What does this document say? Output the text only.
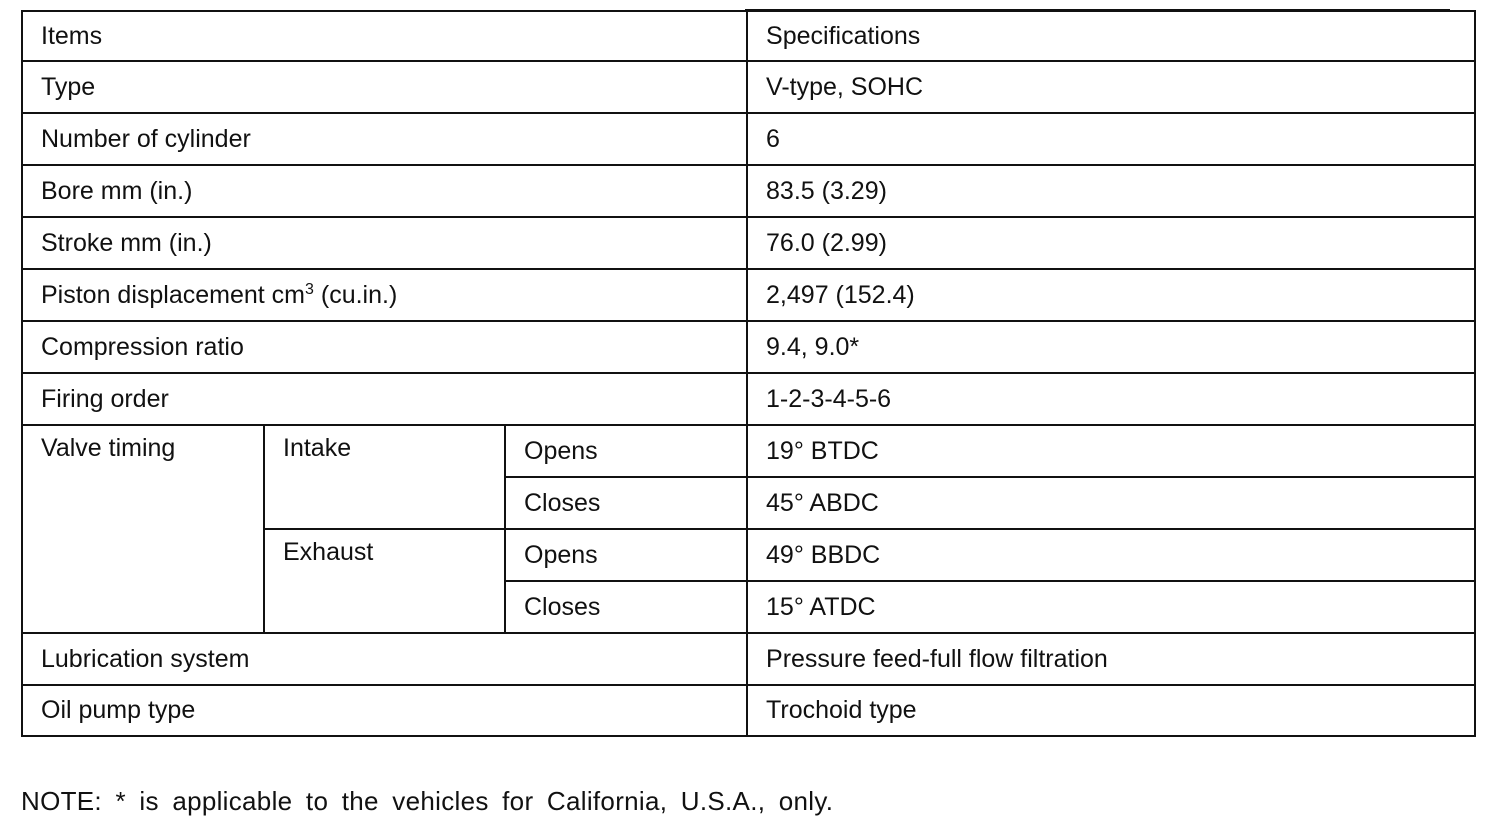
Items			Specifications
Type			V-type, SOHC
Number of cylinder			6
Bore mm (in.)			83.5 (3.29)
Stroke mm (in.)			76.0 (2.99)
Piston displacement $cm^3$ (cu.in.)			2,497 (152.4)
Compression ratio			9.4, 9.0*
Firing order			1-2-3-4-5-6
Valve timing	Intake	Opens	19° BTDC
		Closes	45° ABDC
	Exhaust	Opens	49° BBDC
		Closes	15° ATDC
Lubrication system			Pressure feed-full flow filtration
Oil pump type			Trochoid type
NOTE: * is applicable to the vehicles for California, U.S.A., only.
